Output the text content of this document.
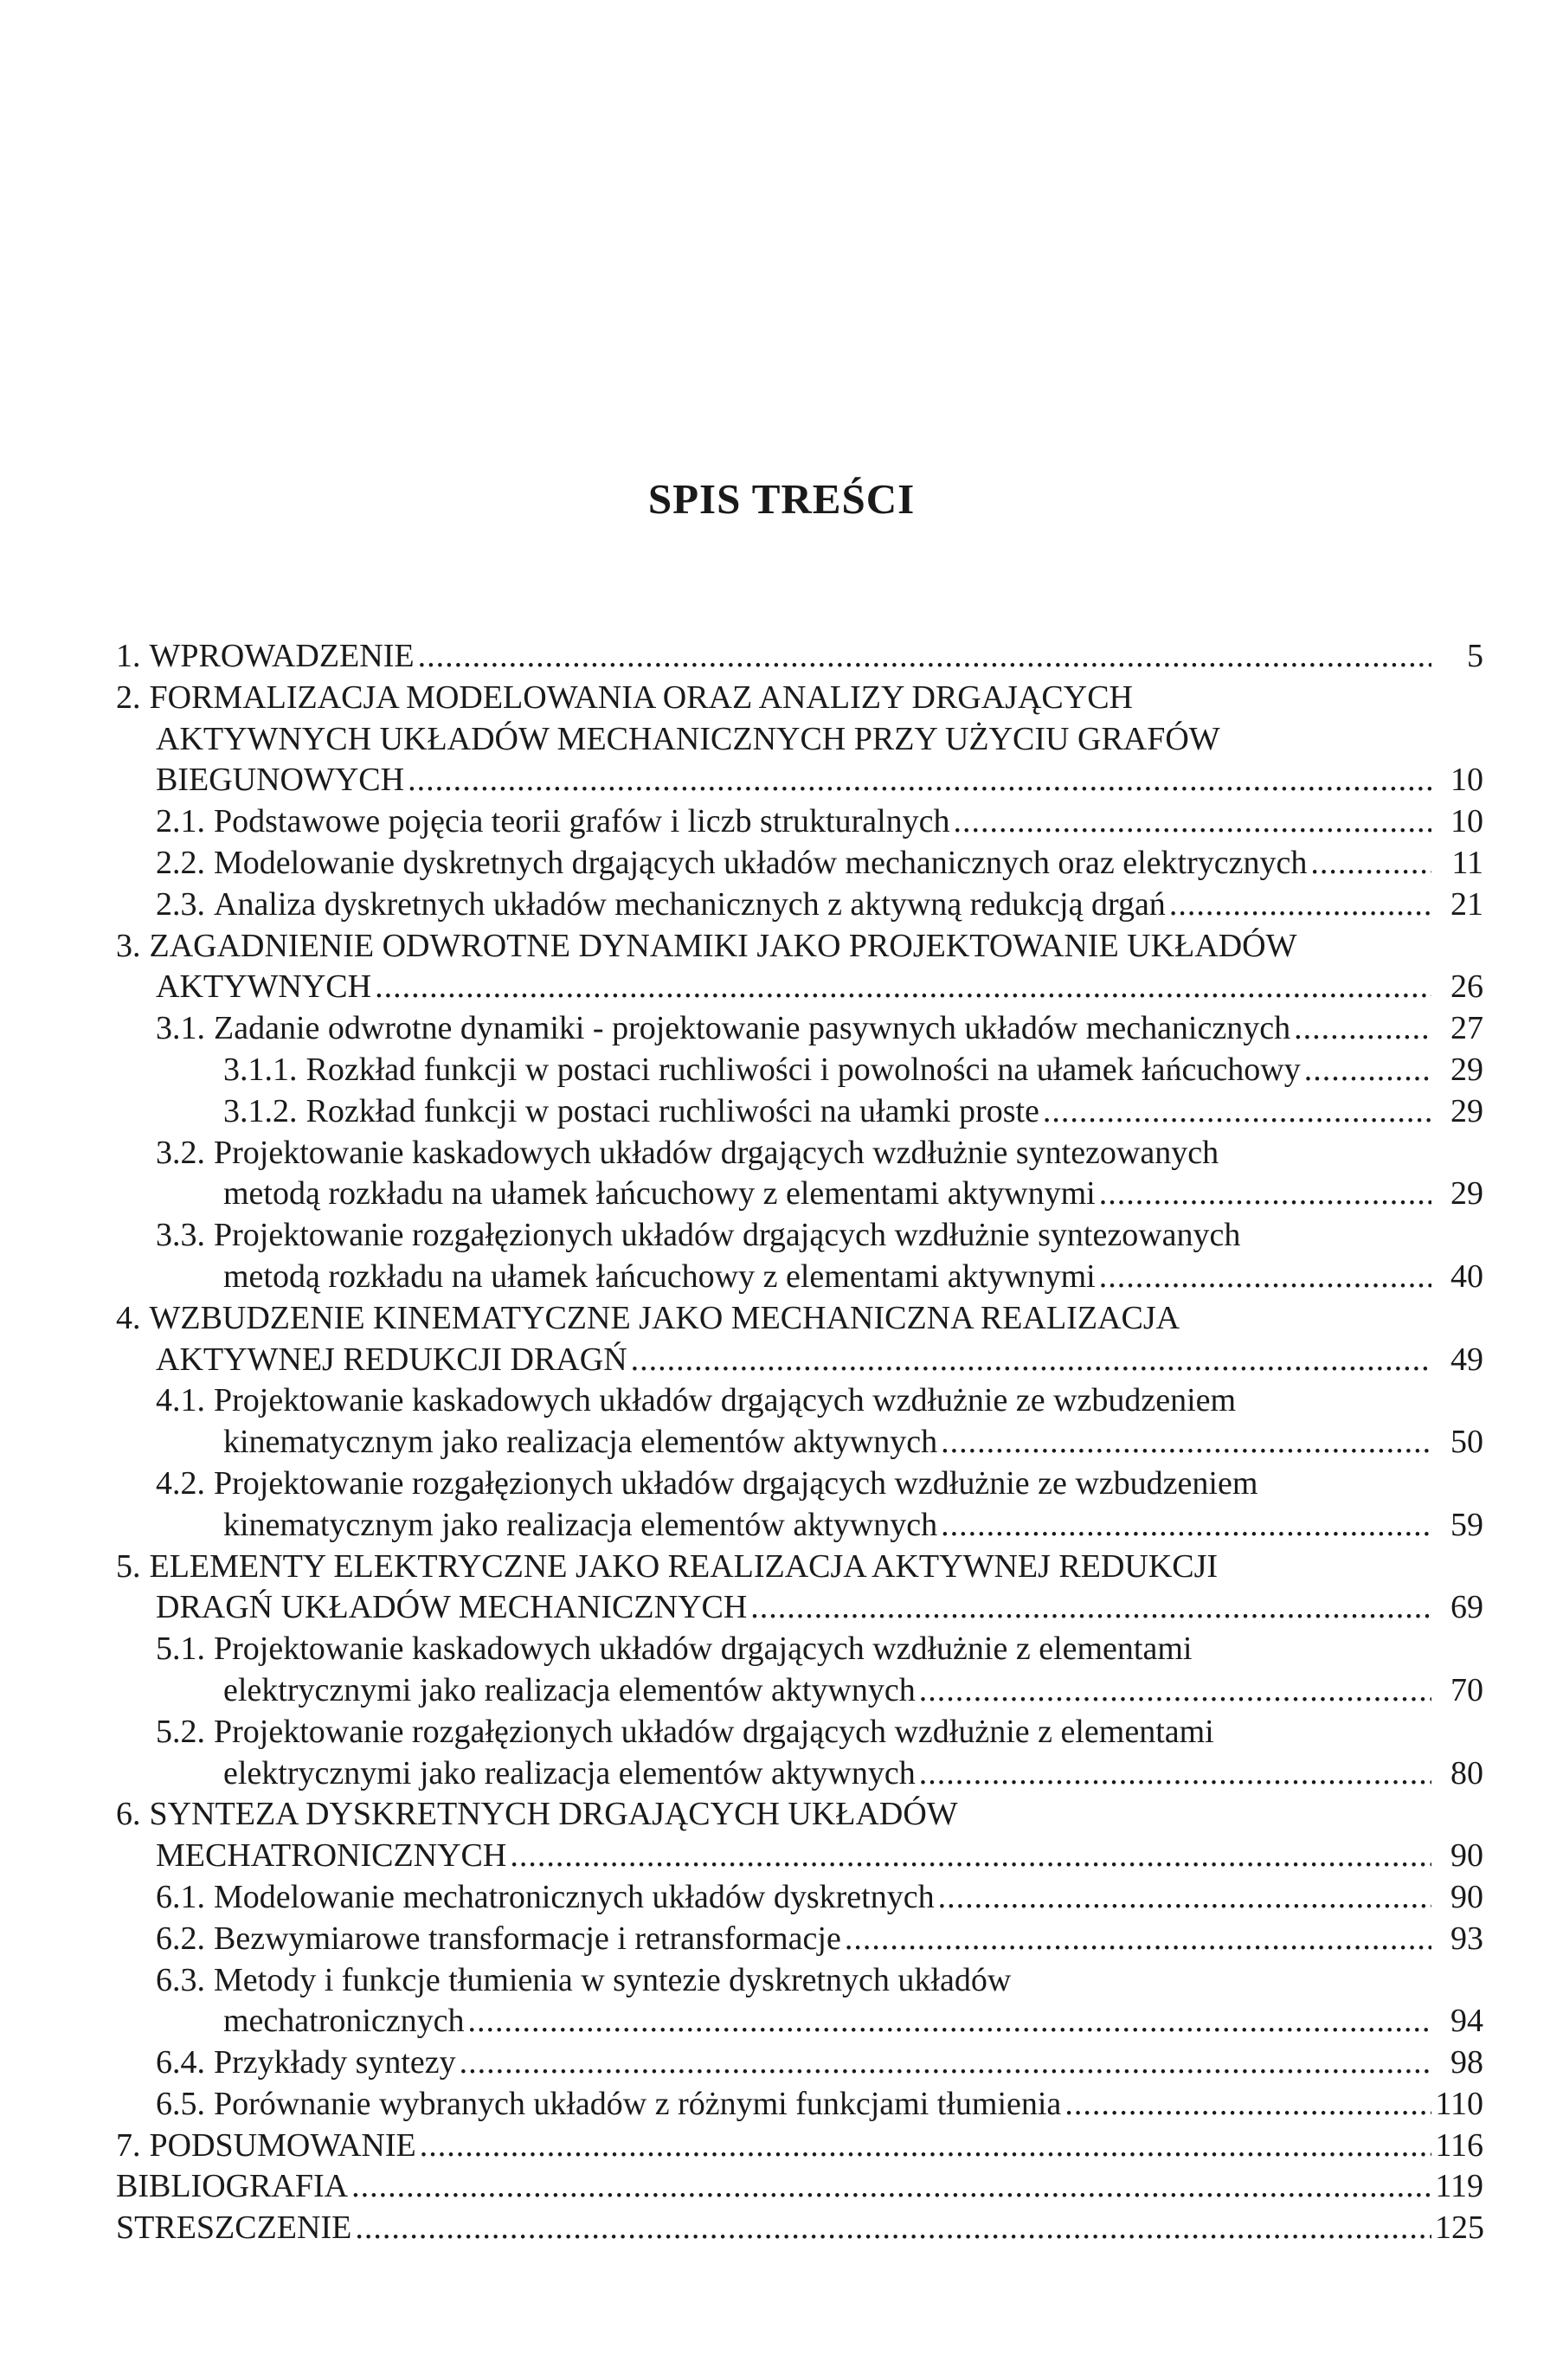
SPIS TREŚCI
1. WPROWADZENIE .....	5
2. FORMALIZACJA MODELOWANIA ORAZ ANALIZY DRGAJĄCYCH
AKTYWNYCH UKŁADÓW MECHANICZNYCH PRZY UŻYCIU GRAFÓW
BIEGUNOWYCH .....	10
2.1. Podstawowe pojęcia teorii grafów i liczb strukturalnych .....	10
2.2. Modelowanie dyskretnych drgających układów mechanicznych oraz elektrycznych .....	11
2.3. Analiza dyskretnych układów mechanicznych z aktywną redukcją drgań .....	21
3. ZAGADNIENIE ODWROTNE DYNAMIKI JAKO PROJEKTOWANIE UKŁADÓW
AKTYWNYCH .....	26
3.1. Zadanie odwrotne dynamiki - projektowanie pasywnych układów mechanicznych .....	27
3.1.1. Rozkład funkcji w postaci ruchliwości i powolności na ułamek łańcuchowy .....	29
3.1.2. Rozkład funkcji w postaci ruchliwości na ułamki proste .....	29
3.2. Projektowanie kaskadowych układów drgających wzdłużnie syntezowanych
metodą rozkładu na ułamek łańcuchowy z elementami aktywnymi .....	29
3.3. Projektowanie rozgałęzionych układów drgających wzdłużnie syntezowanych
metodą rozkładu na ułamek łańcuchowy z elementami aktywnymi .....	40
4. WZBUDZENIE KINEMATYCZNE JAKO MECHANICZNA REALIZACJA
AKTYWNEJ REDUKCJI DRAGŃ .....	49
4.1. Projektowanie kaskadowych układów drgających wzdłużnie ze wzbudzeniem
kinematycznym jako realizacja elementów aktywnych .....	50
4.2. Projektowanie rozgałęzionych układów drgających wzdłużnie ze wzbudzeniem
kinematycznym jako realizacja elementów aktywnych .....	59
5. ELEMENTY ELEKTRYCZNE JAKO REALIZACJA AKTYWNEJ REDUKCJI
DRAGŃ UKŁADÓW MECHANICZNYCH .....	69
5.1. Projektowanie kaskadowych układów drgających wzdłużnie z elementami
elektrycznymi jako realizacja elementów aktywnych .....	70
5.2. Projektowanie rozgałęzionych układów drgających wzdłużnie z elementami
elektrycznymi jako realizacja elementów aktywnych .....	80
6. SYNTEZA DYSKRETNYCH DRGAJĄCYCH UKŁADÓW
MECHATRONICZNYCH .....	90
6.1. Modelowanie mechatronicznych układów dyskretnych .....	90
6.2. Bezwymiarowe transformacje i retransformacje .....	93
6.3. Metody i funkcje tłumienia w syntezie dyskretnych układów
mechatronicznych .....	94
6.4. Przykłady syntezy .....	98
6.5. Porównanie wybranych układów z różnymi funkcjami tłumienia .....	110
7. PODSUMOWANIE .....	116
BIBLIOGRAFIA .....	119
STRESZCZENIE .....	125
